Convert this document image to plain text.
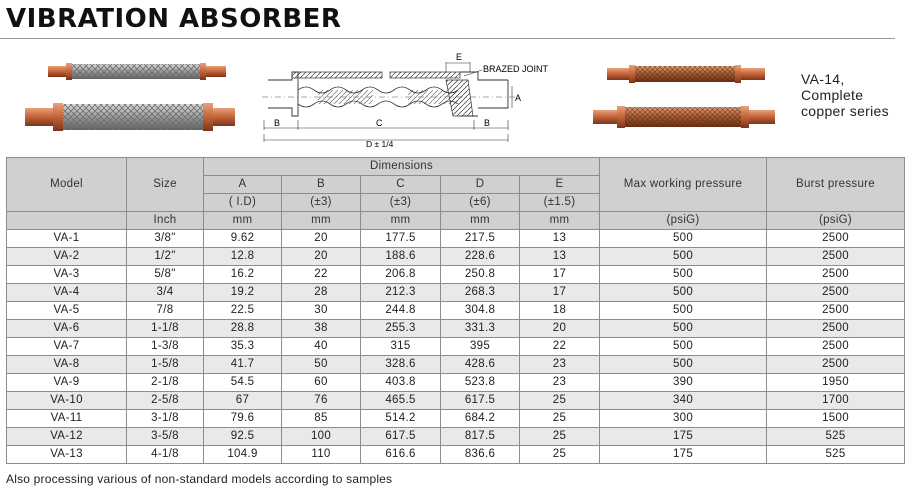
VIBRATION ABSORBER
E
BRAZED JOINT
A
B	C	B
D ± 1/4
VA-14,
Complete
copper series
Model	Size	Dimensions					Max working pressure	Burst pressure
		A	B	C	D	E		
		( I.D)	(±3)	(±3)	(±6)	(±1.5)		
	Inch	mm	mm	mm	mm	mm	(psiG)	(psiG)
VA-1	3/8"	9.62	20	177.5	217.5	13	500	2500
VA-2	1/2"	12.8	20	188.6	228.6	13	500	2500
VA-3	5/8"	16.2	22	206.8	250.8	17	500	2500
VA-4	3/4	19.2	28	212.3	268.3	17	500	2500
VA-5	7/8	22.5	30	244.8	304.8	18	500	2500
VA-6	1-1/8	28.8	38	255.3	331.3	20	500	2500
VA-7	1-3/8	35.3	40	315	395	22	500	2500
VA-8	1-5/8	41.7	50	328.6	428.6	23	500	2500
VA-9	2-1/8	54.5	60	403.8	523.8	23	390	1950
VA-10	2-5/8	67	76	465.5	617.5	25	340	1700
VA-11	3-1/8	79.6	85	514.2	684.2	25	300	1500
VA-12	3-5/8	92.5	100	617.5	817.5	25	175	525
VA-13	4-1/8	104.9	110	616.6	836.6	25	175	525
Also processing various of non-standard models according to samples
